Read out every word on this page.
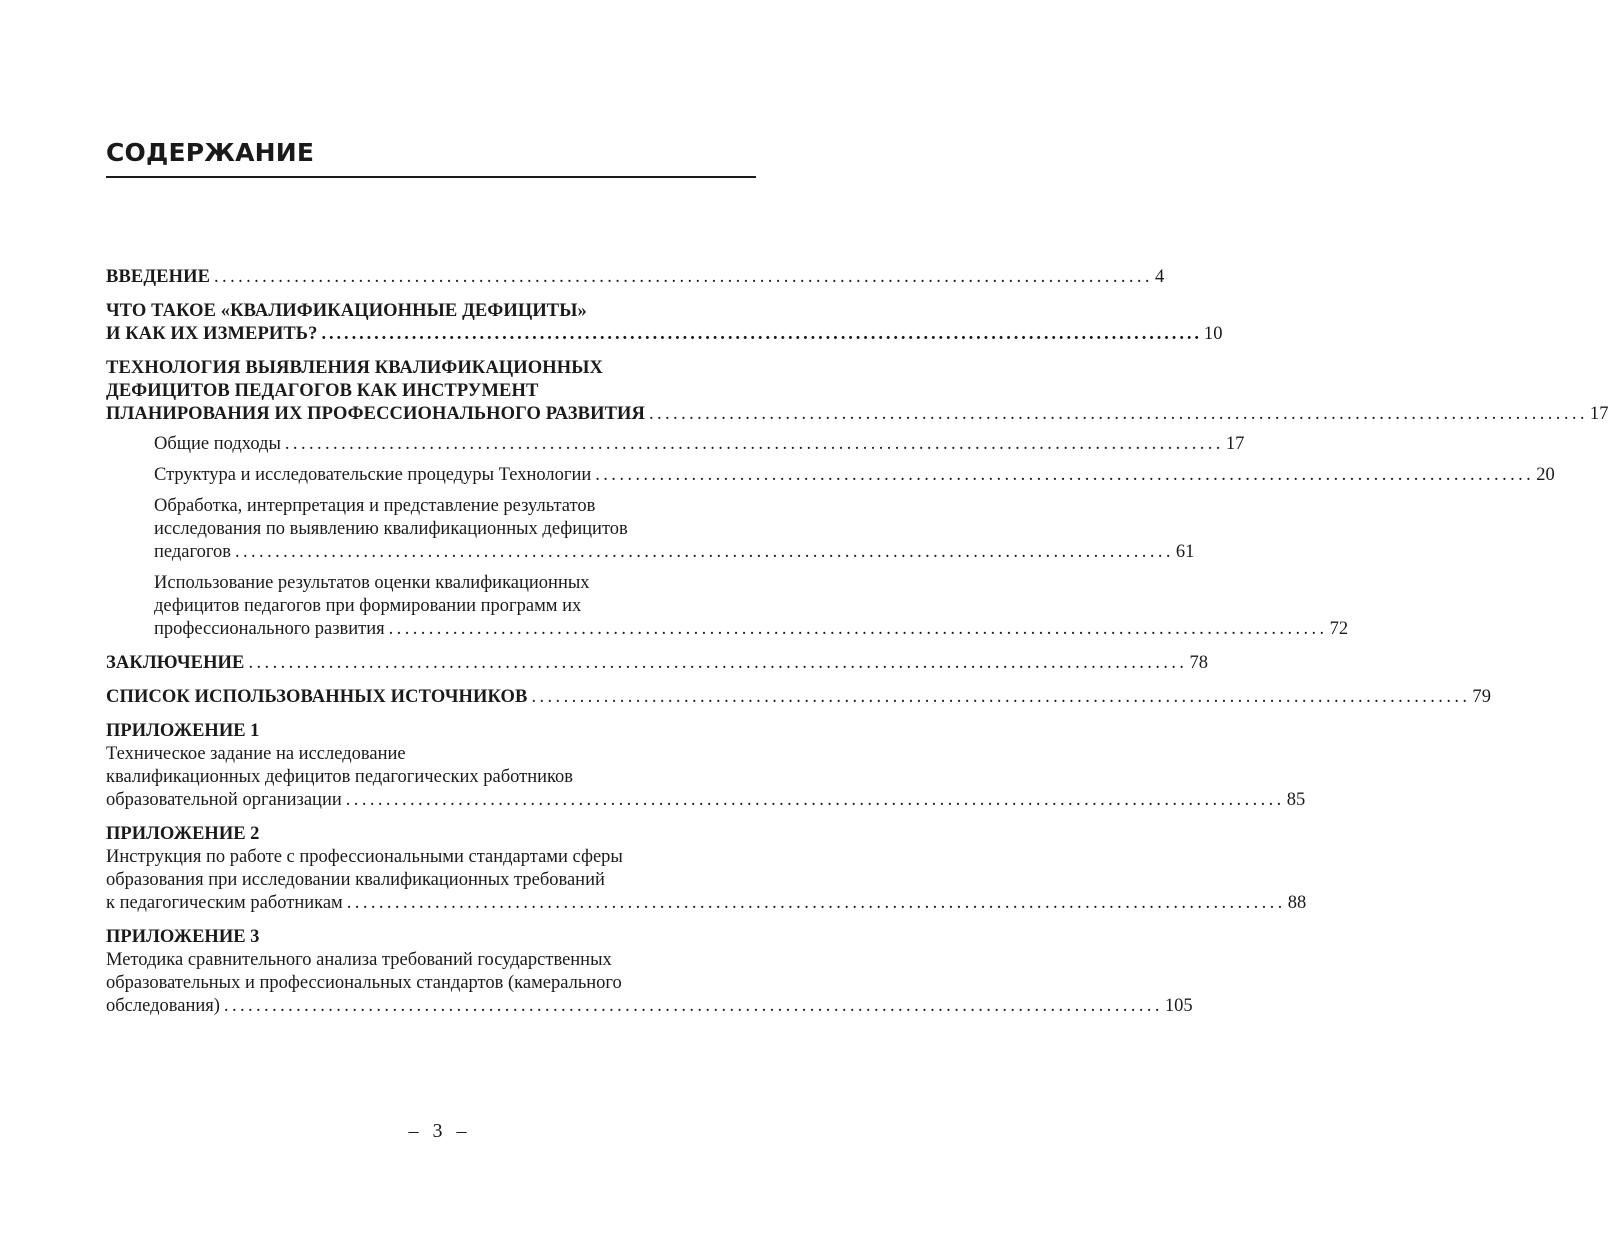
СОДЕРЖАНИЕ
ВВЕДЕНИЕ ..................................................................................................................... 4
ЧТО ТАКОЕ «КВАЛИФИКАЦИОННЫЕ ДЕФИЦИТЫ»
И КАК ИХ ИЗМЕРИТЬ? ..................................................................................................................... 10
ТЕХНОЛОГИЯ ВЫЯВЛЕНИЯ КВАЛИФИКАЦИОННЫХ
ДЕФИЦИТОВ ПЕДАГОГОВ КАК ИНСТРУМЕНТ
ПЛАНИРОВАНИЯ ИХ ПРОФЕССИОНАЛЬНОГО РАЗВИТИЯ ..................................................................................................................... 17
Общие подходы ..................................................................................................................... 17
Структура и исследовательские процедуры Технологии ..................................................................................................................... 20
Обработка, интерпретация и представление результатов
исследования по выявлению квалификационных дефицитов
педагогов ..................................................................................................................... 61
Использование результатов оценки квалификационных
дефицитов педагогов при формировании программ их
профессионального развития ..................................................................................................................... 72
ЗАКЛЮЧЕНИЕ ..................................................................................................................... 78
СПИСОК ИСПОЛЬЗОВАННЫХ ИСТОЧНИКОВ ..................................................................................................................... 79
ПРИЛОЖЕНИЕ 1
Техническое задание на исследование
квалификационных дефицитов педагогических работников
образовательной организации ..................................................................................................................... 85
ПРИЛОЖЕНИЕ 2
Инструкция по работе с профессиональными стандартами сферы
образования при исследовании квалификационных требований
к педагогическим работникам ..................................................................................................................... 88
ПРИЛОЖЕНИЕ 3
Методика сравнительного анализа требований государственных
образовательных и профессиональных стандартов (камерального
обследования) ..................................................................................................................... 105
– 3 –
